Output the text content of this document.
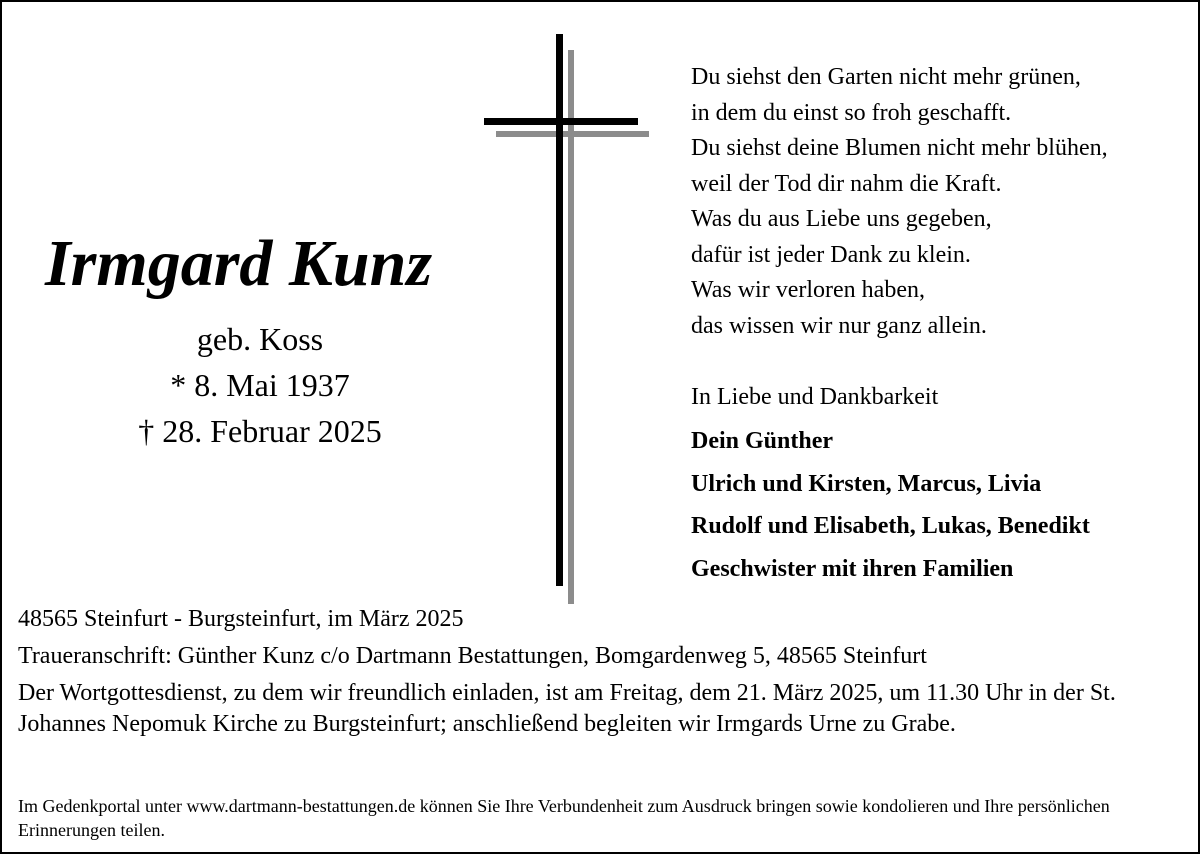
Irmgard Kunz
geb. Koss
* 8. Mai 1937
† 28. Februar 2025
Du siehst den Garten nicht mehr grünen,
in dem du einst so froh geschafft.
Du siehst deine Blumen nicht mehr blühen,
weil der Tod dir nahm die Kraft.
Was du aus Liebe uns gegeben,
dafür ist jeder Dank zu klein.
Was wir verloren haben,
das wissen wir nur ganz allein.
In Liebe und Dankbarkeit
Dein Günther
Ulrich und Kirsten, Marcus, Livia
Rudolf und Elisabeth, Lukas, Benedikt
Geschwister mit ihren Familien

48565 Steinfurt - Burgsteinfurt, im März 2025

Traueranschrift: Günther Kunz c/o Dartmann Bestattungen, Bomgardenweg 5, 48565 Steinfurt

Der Wortgottesdienst, zu dem wir freundlich einladen, ist am Freitag, dem 21. März 2025, um 11.30 Uhr in der St. Johannes Nepomuk Kirche zu Burgsteinfurt; anschließend begleiten wir Irmgards Urne zu Grabe.

Im Gedenkportal unter www.dartmann-bestattungen.de können Sie Ihre Verbundenheit zum Ausdruck bringen sowie kondolieren und Ihre persönlichen Erinnerungen teilen.
